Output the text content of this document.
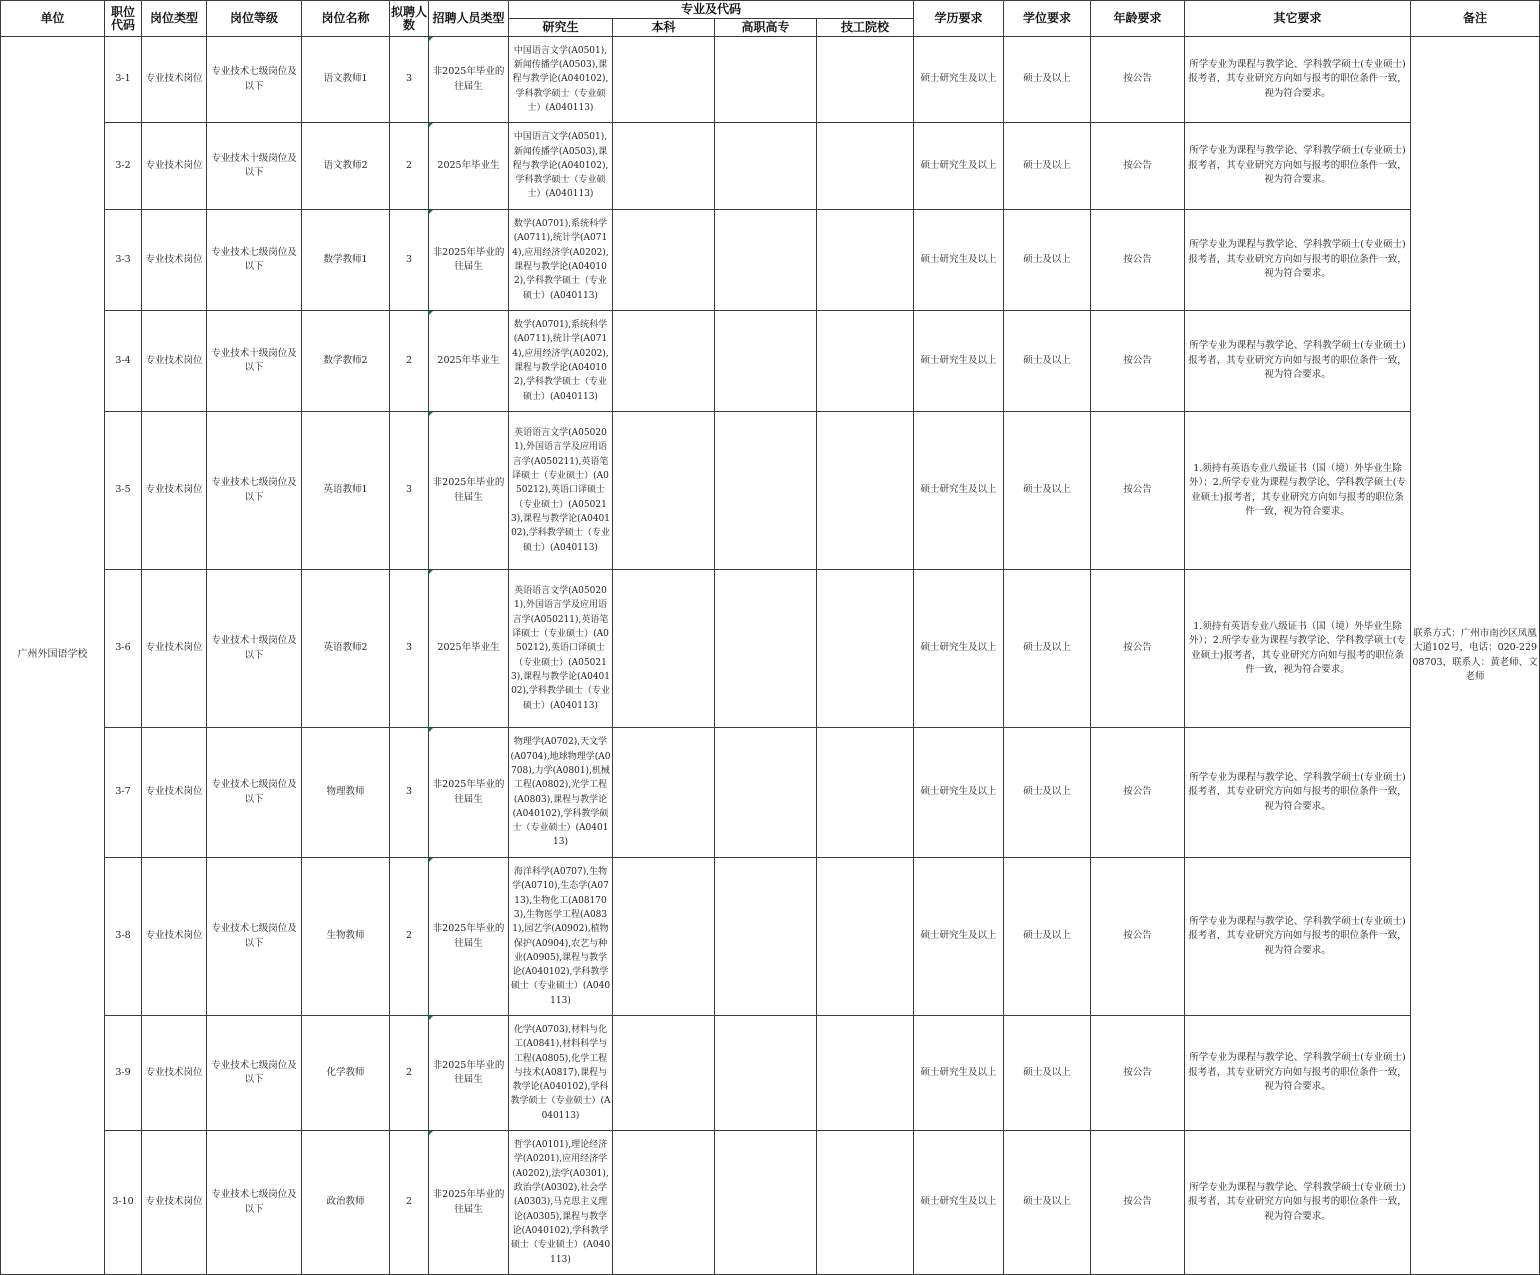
单位	职位代码	岗位类型	岗位等级	岗位名称	拟聘人数	招聘人员类型	专业及代码				学历要求	学位要求	年龄要求	其它要求	备注
							研究生	本科	高职高专	技工院校					
广州外国语学校	3-1	专业技术岗位	专业技术七级岗位及以下	语文教师1	3	非2025年毕业的往届生	中国语言文学(A0501),新闻传播学(A0503),课程与教学论(A040102),学科教学硕士（专业硕士）(A040113)				硕士研究生及以上	硕士及以上	按公告	所学专业为课程与教学论、学科教学硕士(专业硕士)报考者，其专业研究方向如与报考的职位条件一致，视为符合要求。	联系方式：广州市南沙区凤凰大道102号，电话：020-22908703，联系人：黄老师、文老师
	3-2	专业技术岗位	专业技术十级岗位及以下	语文教师2	2	2025年毕业生	中国语言文学(A0501),新闻传播学(A0503),课程与教学论(A040102),学科教学硕士（专业硕士）(A040113)				硕士研究生及以上	硕士及以上	按公告	所学专业为课程与教学论、学科教学硕士(专业硕士)报考者，其专业研究方向如与报考的职位条件一致，视为符合要求。	
	3-3	专业技术岗位	专业技术七级岗位及以下	数学教师1	3	非2025年毕业的往届生	数学(A0701),系统科学(A0711),统计学(A0714),应用经济学(A0202),课程与教学论(A040102),学科教学硕士（专业硕士）(A040113)				硕士研究生及以上	硕士及以上	按公告	所学专业为课程与教学论、学科教学硕士(专业硕士)报考者，其专业研究方向如与报考的职位条件一致，视为符合要求。	
	3-4	专业技术岗位	专业技术十级岗位及以下	数学教师2	2	2025年毕业生	数学(A0701),系统科学(A0711),统计学(A0714),应用经济学(A0202),课程与教学论(A040102),学科教学硕士（专业硕士）(A040113)				硕士研究生及以上	硕士及以上	按公告	所学专业为课程与教学论、学科教学硕士(专业硕士)报考者，其专业研究方向如与报考的职位条件一致，视为符合要求。	
	3-5	专业技术岗位	专业技术七级岗位及以下	英语教师1	3	非2025年毕业的往届生	英语语言文学(A050201),外国语言学及应用语言学(A050211),英语笔译硕士（专业硕士）(A050212),英语口译硕士（专业硕士）(A050213),课程与教学论(A040102),学科教学硕士（专业硕士）(A040113)				硕士研究生及以上	硕士及以上	按公告	1.须持有英语专业八级证书（国（境）外毕业生除外）；2.所学专业为课程与教学论、学科教学硕士(专业硕士)报考者，其专业研究方向如与报考的职位条件一致，视为符合要求。	
	3-6	专业技术岗位	专业技术十级岗位及以下	英语教师2	3	2025年毕业生	英语语言文学(A050201),外国语言学及应用语言学(A050211),英语笔译硕士（专业硕士）(A050212),英语口译硕士（专业硕士）(A050213),课程与教学论(A040102),学科教学硕士（专业硕士）(A040113)				硕士研究生及以上	硕士及以上	按公告	1.须持有英语专业八级证书（国（境）外毕业生除外）；2.所学专业为课程与教学论、学科教学硕士(专业硕士)报考者，其专业研究方向如与报考的职位条件一致，视为符合要求。	
	3-7	专业技术岗位	专业技术七级岗位及以下	物理教师	3	非2025年毕业的往届生	物理学(A0702),天文学(A0704),地球物理学(A0708),力学(A0801),机械工程(A0802),光学工程(A0803),课程与教学论(A040102),学科教学硕士（专业硕士）(A040113)				硕士研究生及以上	硕士及以上	按公告	所学专业为课程与教学论、学科教学硕士(专业硕士)报考者，其专业研究方向如与报考的职位条件一致，视为符合要求。	
	3-8	专业技术岗位	专业技术七级岗位及以下	生物教师	2	非2025年毕业的往届生	海洋科学(A0707),生物学(A0710),生态学(A0713),生物化工(A081703),生物医学工程(A0831),园艺学(A0902),植物保护(A0904),农艺与种业(A0905),课程与教学论(A040102),学科教学硕士（专业硕士）(A040113)				硕士研究生及以上	硕士及以上	按公告	所学专业为课程与教学论、学科教学硕士(专业硕士)报考者，其专业研究方向如与报考的职位条件一致，视为符合要求。	
	3-9	专业技术岗位	专业技术七级岗位及以下	化学教师	2	非2025年毕业的往届生	化学(A0703),材料与化工(A0841),材料科学与工程(A0805),化学工程与技术(A0817),课程与教学论(A040102),学科教学硕士（专业硕士）(A040113)				硕士研究生及以上	硕士及以上	按公告	所学专业为课程与教学论、学科教学硕士(专业硕士)报考者，其专业研究方向如与报考的职位条件一致，视为符合要求。	
	3-10	专业技术岗位	专业技术七级岗位及以下	政治教师	2	非2025年毕业的往届生	哲学(A0101),理论经济学(A0201),应用经济学(A0202),法学(A0301),政治学(A0302),社会学(A0303),马克思主义理论(A0305),课程与教学论(A040102),学科教学硕士（专业硕士）(A040113)				硕士研究生及以上	硕士及以上	按公告	所学专业为课程与教学论、学科教学硕士(专业硕士)报考者，其专业研究方向如与报考的职位条件一致，视为符合要求。	
